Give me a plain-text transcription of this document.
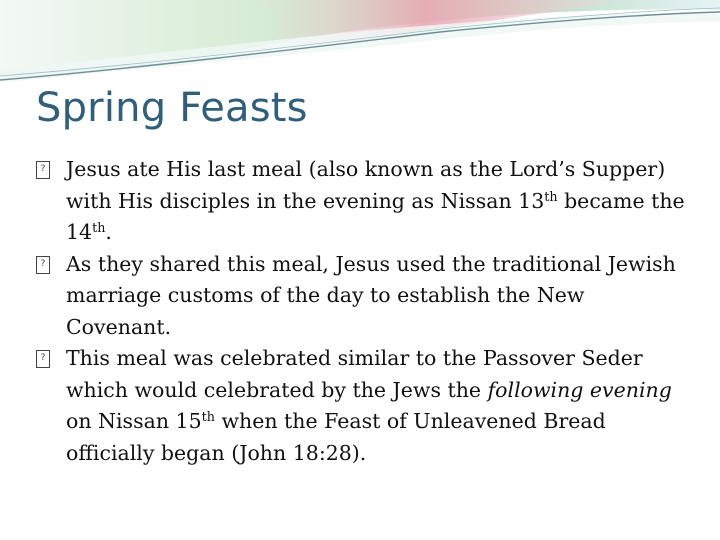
Spring Feasts
? Jesus ate His last meal (also known as the Lord’s Supper) with His disciples in the evening as Nissan 13th became the 14th.
? As they shared this meal, Jesus used the traditional Jewish marriage customs of the day to establish the New Covenant.
? This meal was celebrated similar to the Passover Seder which would celebrated by the Jews the following evening on Nissan 15th when the Feast of Unleavened Bread officially began (John 18:28).
